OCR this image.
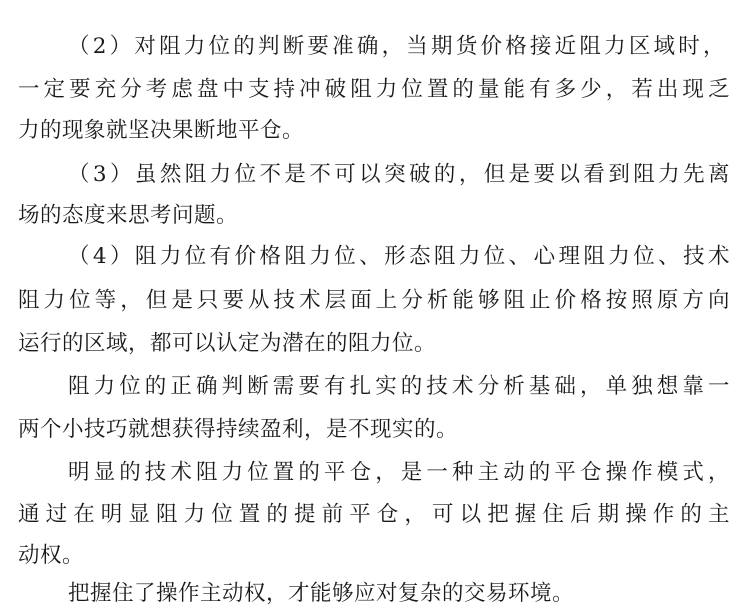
（2）对阻力位的判断要准确，当期货价格接近阻力区域时，
一定要充分考虑盘中支持冲破阻力位置的量能有多少，若出现乏
力的现象就坚决果断地平仓。
（3）虽然阻力位不是不可以突破的，但是要以看到阻力先离
场的态度来思考问题。
（4）阻力位有价格阻力位、形态阻力位、心理阻力位、技术
阻力位等，但是只要从技术层面上分析能够阻止价格按照原方向
运行的区域，都可以认定为潜在的阻力位。
阻力位的正确判断需要有扎实的技术分析基础，单独想靠一
两个小技巧就想获得持续盈利，是不现实的。
明显的技术阻力位置的平仓，是一种主动的平仓操作模式，
通过在明显阻力位置的提前平仓，可以把握住后期操作的主
动权。
把握住了操作主动权，才能够应对复杂的交易环境。
